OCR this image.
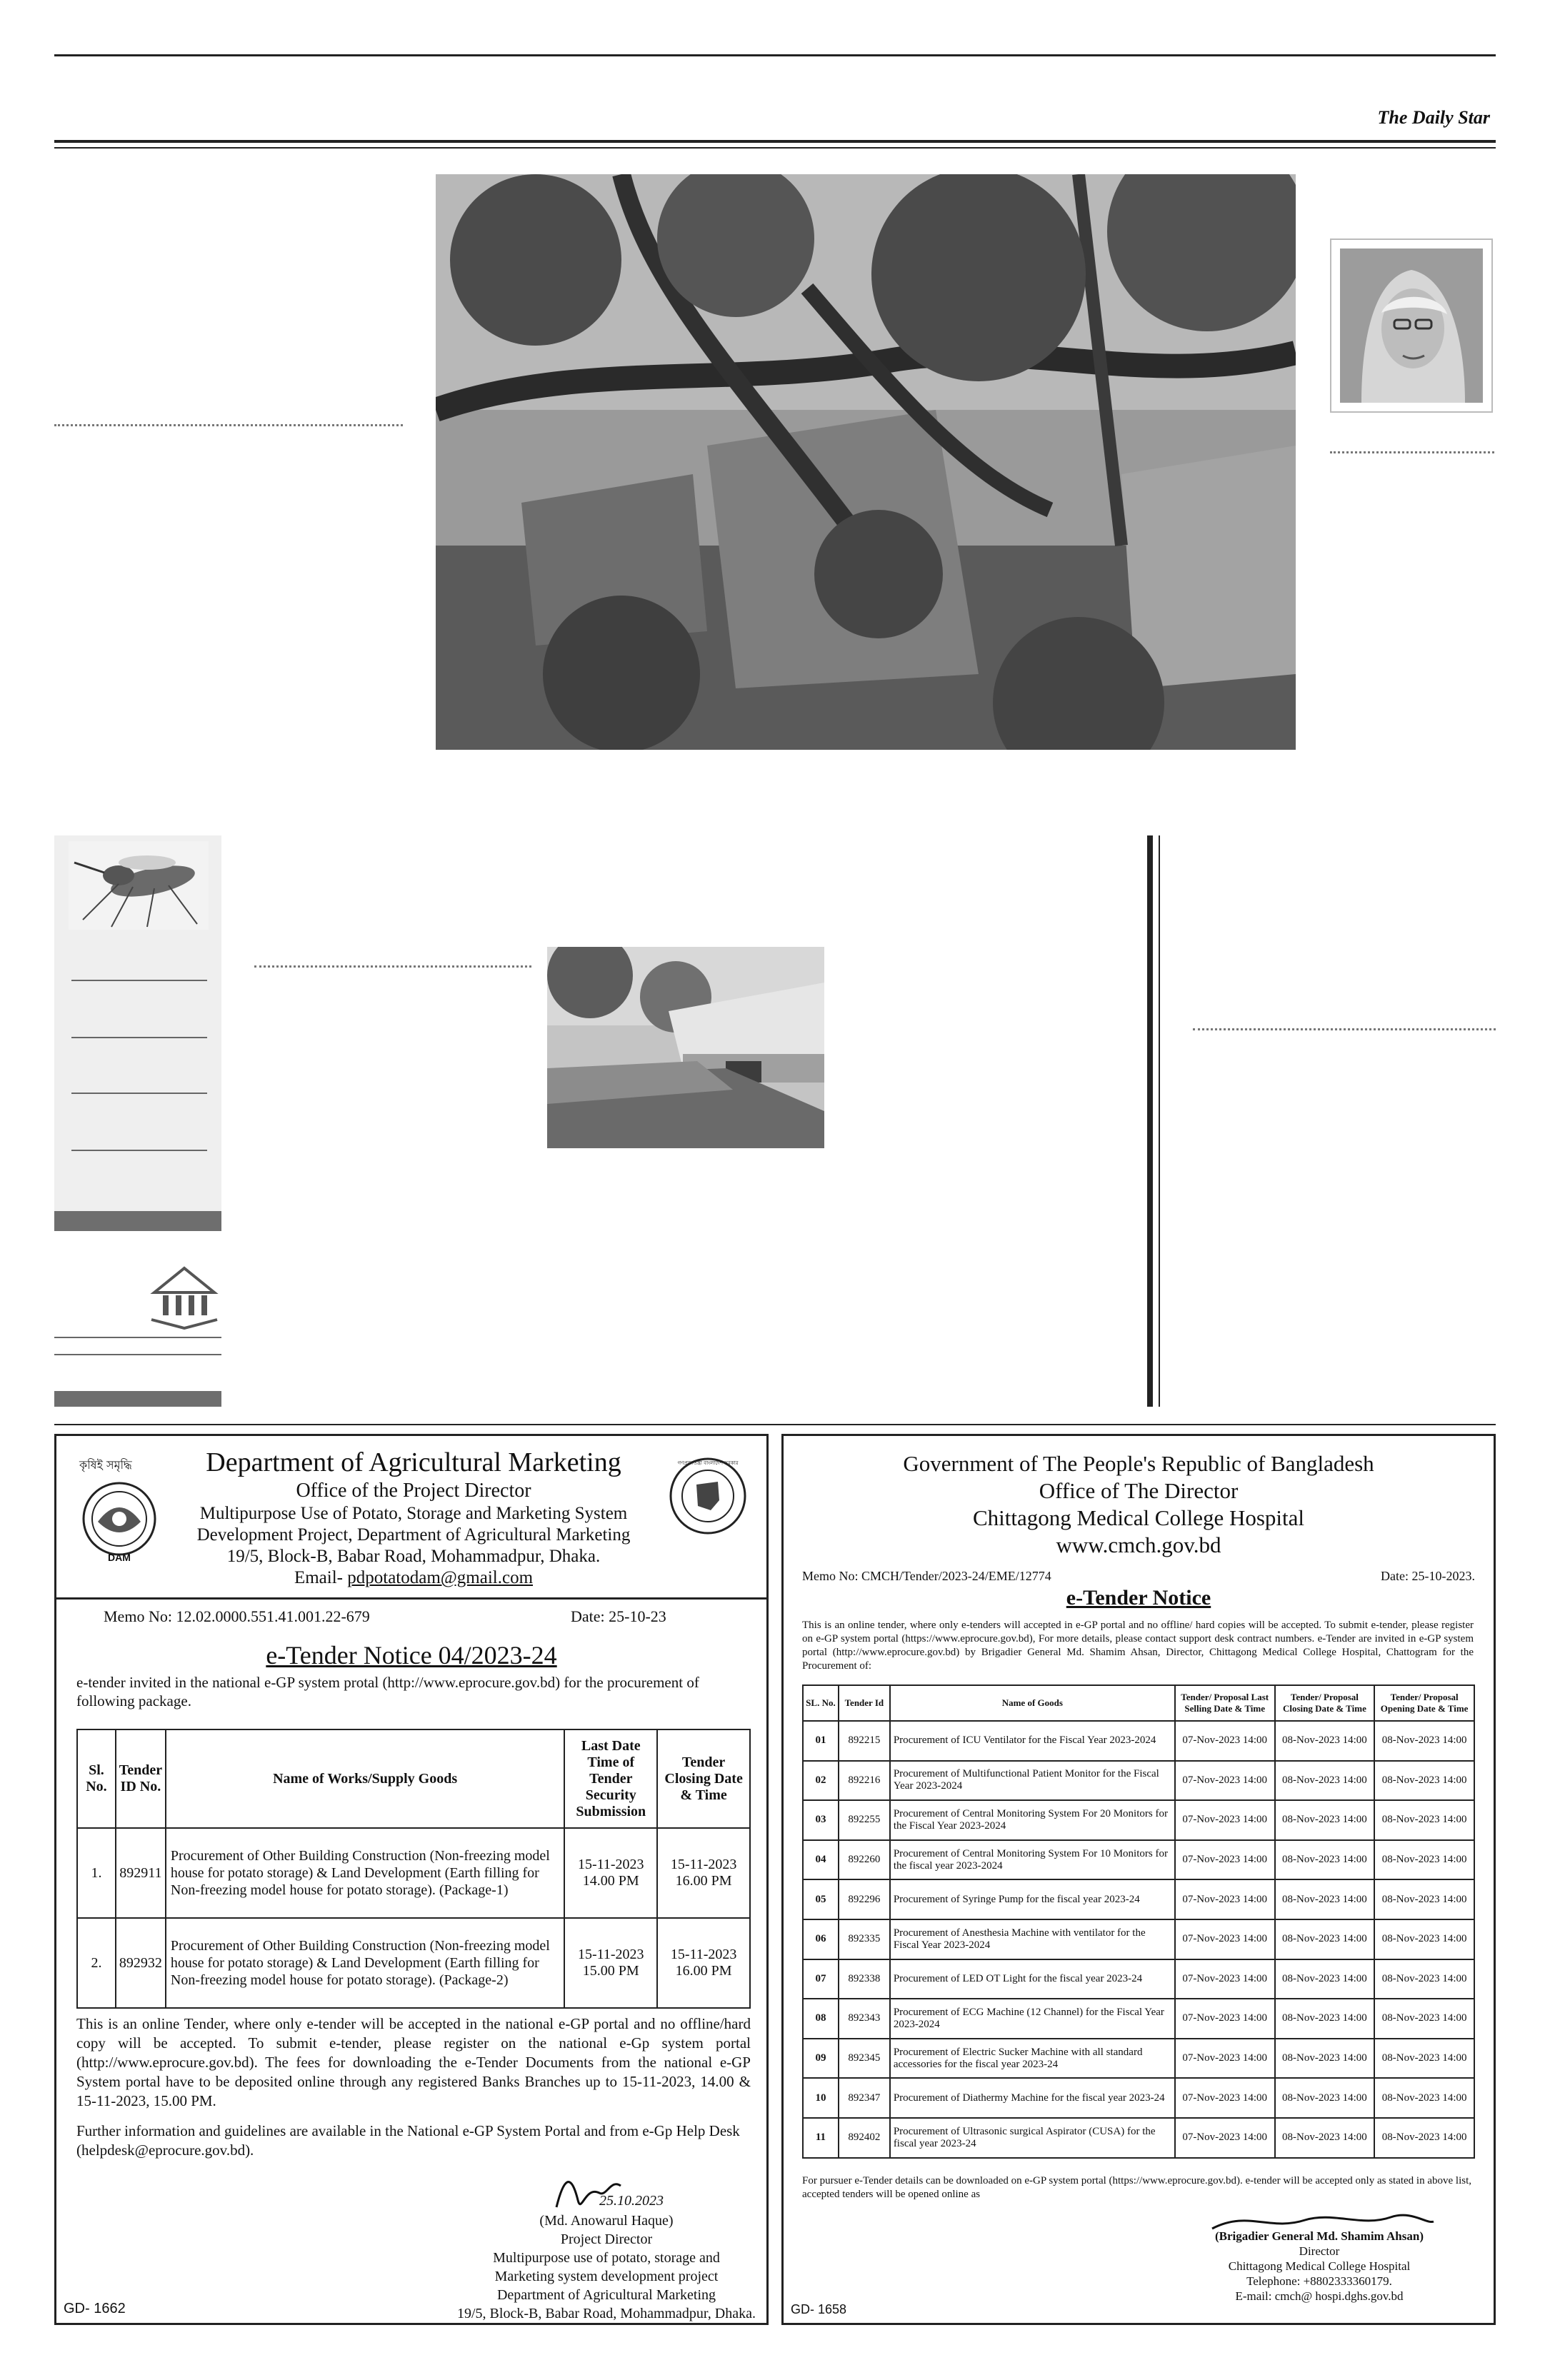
The Daily Star
কৃষিই সমৃদ্ধি
DAM
গণপ্রজাতন্ত্রী বাংলাদেশ সরকার
Department of Agricultural Marketing
Office of the Project Director
Multipurpose Use of Potato, Storage and Marketing System
Development Project, Department of Agricultural Marketing
19/5, Block-B, Babar Road, Mohammadpur, Dhaka.
Email- pdpotatodam@gmail.com
Memo No: 12.02.0000.551.41.001.22-679	Date: 25-10-23
e-Tender Notice 04/2023-24
e-tender invited in the national e-GP system protal (http://www.eprocure.gov.bd) for the procurement of following package.
Sl. No.	Tender ID No.	Name of Works/Supply Goods	Last Date Time of Tender Security Submission	Tender Closing Date & Time
1.	892911	Procurement of Other Building Construction (Non-freezing model house for potato storage) & Land Development (Earth filling for Non-freezing model house for potato storage). (Package-1)	15-11-2023 14.00 PM	15-11-2023 16.00 PM
2.	892932	Procurement of Other Building Construction (Non-freezing model house for potato storage) & Land Development (Earth filling for Non-freezing model house for potato storage). (Package-2)	15-11-2023 15.00 PM	15-11-2023 16.00 PM
This is an online Tender, where only e-tender will be accepted in the national e-GP portal and no offline/hard copy will be accepted. To submit e-tender, please register on the national e-Gp system portal (http://www.eprocure.gov.bd). The fees for downloading the e-Tender Documents from the national e-GP System portal have to be deposited online through any registered Banks Branches up to 15-11-2023, 14.00 & 15-11-2023, 15.00 PM.
Further information and guidelines are available in the National e-GP System Portal and from e-Gp Help Desk (helpdesk@eprocure.gov.bd).
25.10.2023
(Md. Anowarul Haque)
Project Director
Multipurpose use of potato, storage and
Marketing system development project
Department of Agricultural Marketing
19/5, Block-B, Babar Road, Mohammadpur, Dhaka.
GD- 1662
Government of The People's Republic of Bangladesh
Office of The Director
Chittagong Medical College Hospital
www.cmch.gov.bd
Memo No: CMCH/Tender/2023-24/EME/12774	Date: 25-10-2023.
e-Tender Notice
This is an online tender, where only e-tenders will accepted in e-GP portal and no offline/ hard copies will be accepted. To submit e-tender, please register on e-GP system portal (https://www.eprocure.gov.bd), For more details, please contact support desk contract numbers. e-Tender are invited in e-GP system portal (http://www.eprocure.gov.bd) by Brigadier General Md. Shamim Ahsan, Director, Chittagong Medical College Hospital, Chattogram for the Procurement of:
SL. No.	Tender Id	Name of Goods	Tender/ Proposal Last Selling Date & Time	Tender/ Proposal Closing Date & Time	Tender/ Proposal Opening Date & Time
01	892215	Procurement of ICU Ventilator for the Fiscal Year 2023-2024	07-Nov-2023 14:00	08-Nov-2023 14:00	08-Nov-2023 14:00
02	892216	Procurement of Multifunctional Patient Monitor for the Fiscal Year 2023-2024	07-Nov-2023 14:00	08-Nov-2023 14:00	08-Nov-2023 14:00
03	892255	Procurement of Central Monitoring System For 20 Monitors for the Fiscal Year 2023-2024	07-Nov-2023 14:00	08-Nov-2023 14:00	08-Nov-2023 14:00
04	892260	Procurement of Central Monitoring System For 10 Monitors for the fiscal year 2023-2024	07-Nov-2023 14:00	08-Nov-2023 14:00	08-Nov-2023 14:00
05	892296	Procurement of Syringe Pump for the fiscal year 2023-24	07-Nov-2023 14:00	08-Nov-2023 14:00	08-Nov-2023 14:00
06	892335	Procurement of Anesthesia Machine with ventilator for the Fiscal Year 2023-2024	07-Nov-2023 14:00	08-Nov-2023 14:00	08-Nov-2023 14:00
07	892338	Procurement of LED OT Light for the fiscal year 2023-24	07-Nov-2023 14:00	08-Nov-2023 14:00	08-Nov-2023 14:00
08	892343	Procurement of ECG Machine (12 Channel) for the Fiscal Year 2023-2024	07-Nov-2023 14:00	08-Nov-2023 14:00	08-Nov-2023 14:00
09	892345	Procurement of Electric Sucker Machine with all standard accessories for the fiscal year 2023-24	07-Nov-2023 14:00	08-Nov-2023 14:00	08-Nov-2023 14:00
10	892347	Procurement of Diathermy Machine for the fiscal year 2023-24	07-Nov-2023 14:00	08-Nov-2023 14:00	08-Nov-2023 14:00
11	892402	Procurement of Ultrasonic surgical Aspirator (CUSA) for the fiscal year 2023-24	07-Nov-2023 14:00	08-Nov-2023 14:00	08-Nov-2023 14:00
For pursuer e-Tender details can be downloaded on e-GP system portal (https://www.eprocure.gov.bd). e-tender will be accepted only as stated in above list, accepted tenders will be opened online as
(Brigadier General Md. Shamim Ahsan)
Director
Chittagong Medical College Hospital
Telephone: +8802333360179.
E-mail: cmch@ hospi.dghs.gov.bd
GD- 1658
